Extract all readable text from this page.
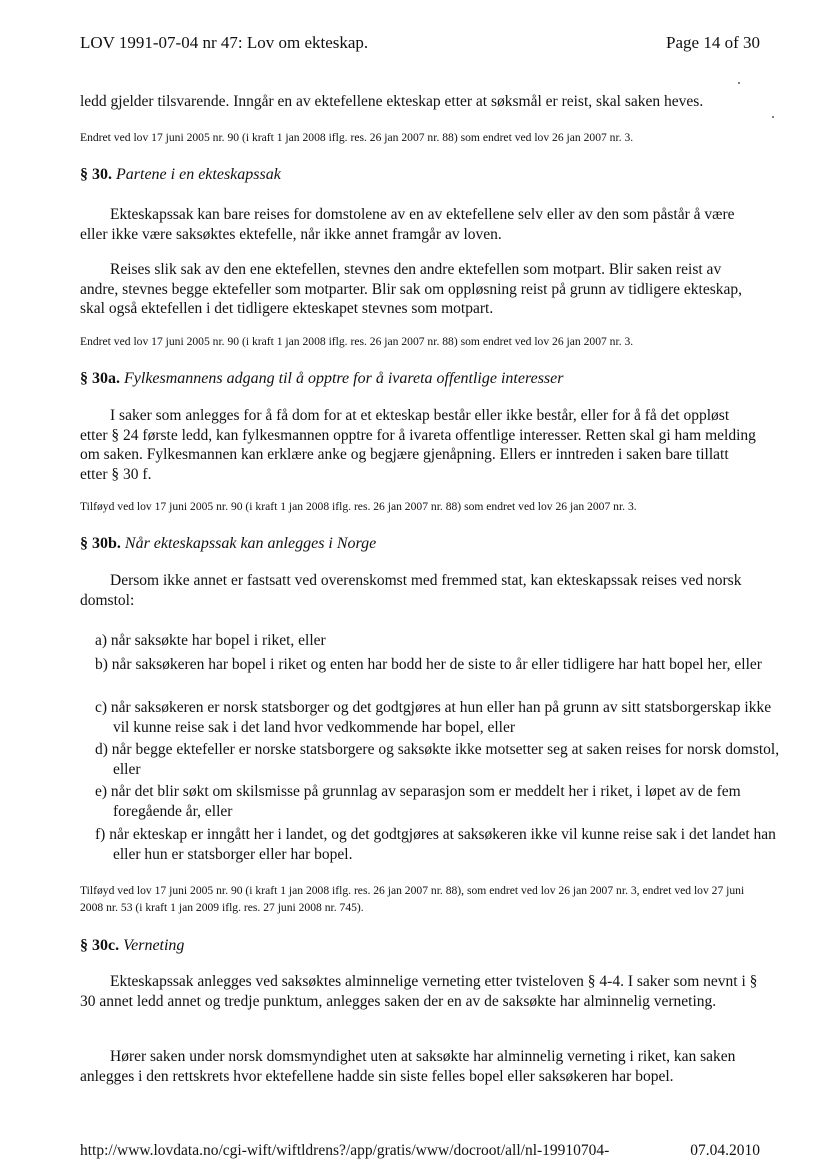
LOV 1991-07-04 nr 47: Lov om ekteskap.	Page 14 of 30
ledd gjelder tilsvarende. Inngår en av ektefellene ekteskap etter at søksmål er reist, skal saken heves.
Endret ved lov 17 juni 2005 nr. 90 (i kraft 1 jan 2008 iflg. res. 26 jan 2007 nr. 88) som endret ved lov 26 jan 2007 nr. 3.
§ 30. Partene i en ekteskapssak
Ekteskapssak kan bare reises for domstolene av en av ektefellene selv eller av den som påstår å være eller ikke være saksøktes ektefelle, når ikke annet framgår av loven.
Reises slik sak av den ene ektefellen, stevnes den andre ektefellen som motpart. Blir saken reist av andre, stevnes begge ektefeller som motparter. Blir sak om oppløsning reist på grunn av tidligere ekteskap, skal også ektefellen i det tidligere ekteskapet stevnes som motpart.
Endret ved lov 17 juni 2005 nr. 90 (i kraft 1 jan 2008 iflg. res. 26 jan 2007 nr. 88) som endret ved lov 26 jan 2007 nr. 3.
§ 30a. Fylkesmannens adgang til å opptre for å ivareta offentlige interesser
I saker som anlegges for å få dom for at et ekteskap består eller ikke består, eller for å få det oppløst etter § 24 første ledd, kan fylkesmannen opptre for å ivareta offentlige interesser. Retten skal gi ham melding om saken. Fylkesmannen kan erklære anke og begjære gjenåpning. Ellers er inntreden i saken bare tillatt etter § 30 f.
Tilføyd ved lov 17 juni 2005 nr. 90 (i kraft 1 jan 2008 iflg. res. 26 jan 2007 nr. 88) som endret ved lov 26 jan 2007 nr. 3.
§ 30b. Når ekteskapssak kan anlegges i Norge
Dersom ikke annet er fastsatt ved overenskomst med fremmed stat, kan ekteskapssak reises ved norsk domstol:
a) når saksøkte har bopel i riket, eller
b) når saksøkeren har bopel i riket og enten har bodd her de siste to år eller tidligere har hatt bopel her, eller
c) når saksøkeren er norsk statsborger og det godtgjøres at hun eller han på grunn av sitt statsborgerskap ikke vil kunne reise sak i det land hvor vedkommende har bopel, eller
d) når begge ektefeller er norske statsborgere og saksøkte ikke motsetter seg at saken reises for norsk domstol, eller
e) når det blir søkt om skilsmisse på grunnlag av separasjon som er meddelt her i riket, i løpet av de fem foregående år, eller
f) når ekteskap er inngått her i landet, og det godtgjøres at saksøkeren ikke vil kunne reise sak i det landet han eller hun er statsborger eller har bopel.
Tilføyd ved lov 17 juni 2005 nr. 90 (i kraft 1 jan 2008 iflg. res. 26 jan 2007 nr. 88), som endret ved lov 26 jan 2007 nr. 3, endret ved lov 27 juni 2008 nr. 53 (i kraft 1 jan 2009 iflg. res. 27 juni 2008 nr. 745).
§ 30c. Verneting
Ekteskapssak anlegges ved saksøktes alminnelige verneting etter tvisteloven § 4-4. I saker som nevnt i § 30 annet ledd annet og tredje punktum, anlegges saken der en av de saksøkte har alminnelig verneting.
Hører saken under norsk domsmyndighet uten at saksøkte har alminnelig verneting i riket, kan saken anlegges i den rettskrets hvor ektefellene hadde sin siste felles bopel eller saksøkeren har bopel.
http://www.lovdata.no/cgi-wift/wiftldrens?/app/gratis/www/docroot/all/nl-19910704-	07.04.2010
